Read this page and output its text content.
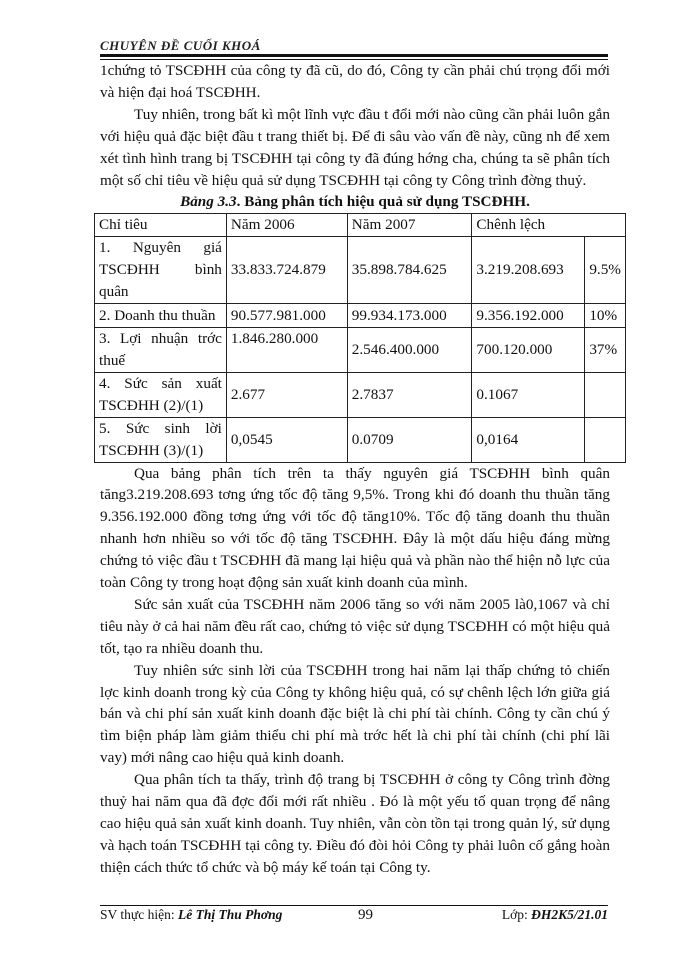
CHUYÊN ĐỀ CUỐI KHOÁ

1chứng tỏ TSCĐHH của công ty đã cũ, do đó, Công ty cần phải chú trọng đổi mới và hiện đại hoá TSCĐHH.

Tuy nhiên, trong bất kì một lĩnh vực đầu t đổi mới nào cũng cần phải luôn gắn với hiệu quả đặc biệt đầu t trang thiết bị. Để đi sâu vào vấn đề này, cũng nh để xem xét tình hình trang bị TSCĐHH tại công ty đã đúng hớng cha, chúng ta sẽ phân tích một số chỉ tiêu về hiệu quả sử dụng TSCĐHH tại công ty Công trình đờng thuỷ.

Bảng 3.3. Bảng phân tích hiệu quả sử dụng TSCĐHH.

Chỉ tiêu	Năm 2006	Năm 2007	Chênh lệch	
1. Nguyên giá TSCĐHH bình quân	33.833.724.879	35.898.784.625	3.219.208.693	9.5%
2. Doanh thu thuần	90.577.981.000	99.934.173.000	9.356.192.000	10%
3. Lợi nhuận trớc thuế	1.846.280.000	2.546.400.000	700.120.000	37%
4. Sức sản xuất TSCĐHH (2)/(1)	2.677	2.7837	0.1067	
5. Sức sinh lời TSCĐHH (3)/(1)	0,0545	0.0709	0,0164	

Qua bảng phân tích trên ta thấy nguyên giá TSCĐHH bình quân tăng3.219.208.693 tơng ứng tốc độ tăng 9,5%. Trong khi đó doanh thu thuần tăng 9.356.192.000 đồng tơng ứng với tốc độ tăng10%. Tốc độ tăng doanh thu thuần nhanh hơn nhiều so với tốc độ tăng TSCĐHH. Đây là một dấu hiệu đáng mừng chứng tỏ việc đầu t TSCĐHH đã mang lại hiệu quả và phần nào thể hiện nỗ lực của toàn Công ty trong hoạt động sản xuất kinh doanh của mình.

Sức sản xuất của TSCĐHH năm 2006 tăng so với năm 2005 là0,1067 và chỉ tiêu này ở cả hai năm đều rất cao, chứng tỏ việc sử dụng TSCĐHH có một hiệu quả tốt, tạo ra nhiều doanh thu.

Tuy nhiên sức sinh lời của TSCĐHH trong hai năm lại thấp chứng tỏ chiến lợc kinh doanh trong kỳ của Công ty không hiệu quả, có sự chênh lệch lớn giữa giá bán và chi phí sản xuất kinh doanh đặc biệt là chi phí tài chính. Công ty cần chú ý tìm biện pháp làm giảm thiểu chi phí mà trớc hết là chi phí tài chính (chi phí lãi vay) mới nâng cao hiệu quả kinh doanh.

Qua phân tích ta thấy, trình độ trang bị TSCĐHH ở công ty Công trình đờng thuỷ hai năm qua đã đợc đổi mới rất nhiều . Đó là một yếu tố quan trọng để nâng cao hiệu quả sản xuất kinh doanh. Tuy nhiên, vẫn còn tồn tại trong quản lý, sử dụng và hạch toán TSCĐHH tại công ty. Điều đó đòi hỏi Công ty phải luôn cố gắng hoàn thiện cách thức tổ chức và bộ máy kế toán tại Công ty.

SV thực hiện: Lê Thị Thu Phơng	99	Lớp: ĐH2K5/21.01
